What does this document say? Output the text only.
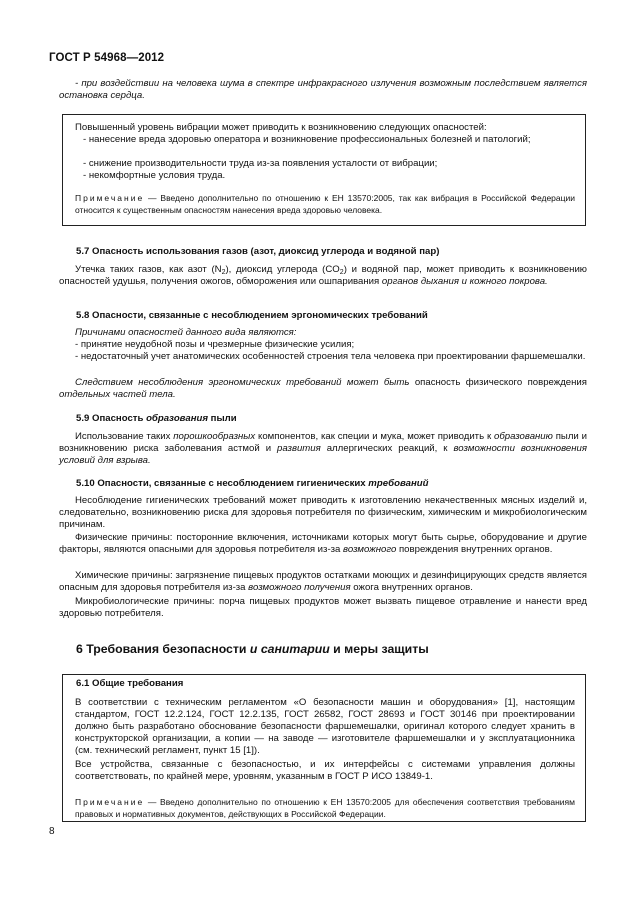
ГОСТ Р 54968—2012
- при воздействии на человека шума в спектре инфракрасного излучения возможным последствием является остановка сердца.
Повышенный уровень вибрации может приводить к возникновению следующих опасностей:
- нанесение вреда здоровью оператора и возникновение профессиональных болезней и патологий;
- снижение производительности труда из-за появления усталости от вибрации;
- некомфортные условия труда.
Примечание — Введено дополнительно по отношению к ЕН 13570:2005, так как вибрация в Российской Федерации относится к существенным опасностям нанесения вреда здоровью человека.
5.7 Опасность использования газов (азот, диоксид углерода и водяной пар)
Утечка таких газов, как азот $(N_2)$, диоксид углерода $(CO_2)$ и водяной пар, может приводить к возникновению опасностей удушья, получения ожогов, обморожения или ошпаривания органов дыхания и кожного покрова.
5.8 Опасности, связанные с несоблюдением эргономических требований
Причинами опасностей данного вида являются:
- принятие неудобной позы и чрезмерные физические усилия;
- недостаточный учет анатомических особенностей строения тела человека при проектировании фаршемешалки.
Следствием несоблюдения эргономических требований может быть опасность физического повреждения отдельных частей тела.
5.9 Опасность образования пыли
Использование таких порошкообразных компонентов, как специи и мука, может приводить к образованию пыли и возникновению риска заболевания астмой и развития аллергических реакций, к возможности возникновения условий для взрыва.
5.10 Опасности, связанные с несоблюдением гигиенических требований
Несоблюдение гигиенических требований может приводить к изготовлению некачественных мясных изделий и, следовательно, возникновению риска для здоровья потребителя по физическим, химическим и микробиологическим причинам.
Физические причины: посторонние включения, источниками которых могут быть сырье, оборудование и другие факторы, являются опасными для здоровья потребителя из-за возможного повреждения внутренних органов.
Химические причины: загрязнение пищевых продуктов остатками моющих и дезинфицирующих средств является опасным для здоровья потребителя из-за возможного получения ожога внутренних органов.
Микробиологические причины: порча пищевых продуктов может вызвать пищевое отравление и нанести вред здоровью потребителя.
6 Требования безопасности и санитарии и меры защиты
6.1 Общие требования
В соответствии с техническим регламентом «О безопасности машин и оборудования» [1], настоящим стандартом, ГОСТ 12.2.124, ГОСТ 12.2.135, ГОСТ 26582, ГОСТ 28693 и ГОСТ 30146 при проектировании должно быть разработано обоснование безопасности фаршемешалки, оригинал которого следует хранить в конструкторской организации, а копии — на заводе — изготовителе фаршемешалки и у эксплуатационника (см. технический регламент, пункт 15 [1]).
Все устройства, связанные с безопасностью, и их интерфейсы с системами управления должны соответствовать, по крайней мере, уровням, указанным в ГОСТ Р ИСО 13849-1.
Примечание — Введено дополнительно по отношению к ЕН 13570:2005 для обеспечения соответствия требованиям правовых и нормативных документов, действующих в Российской Федерации.
8
